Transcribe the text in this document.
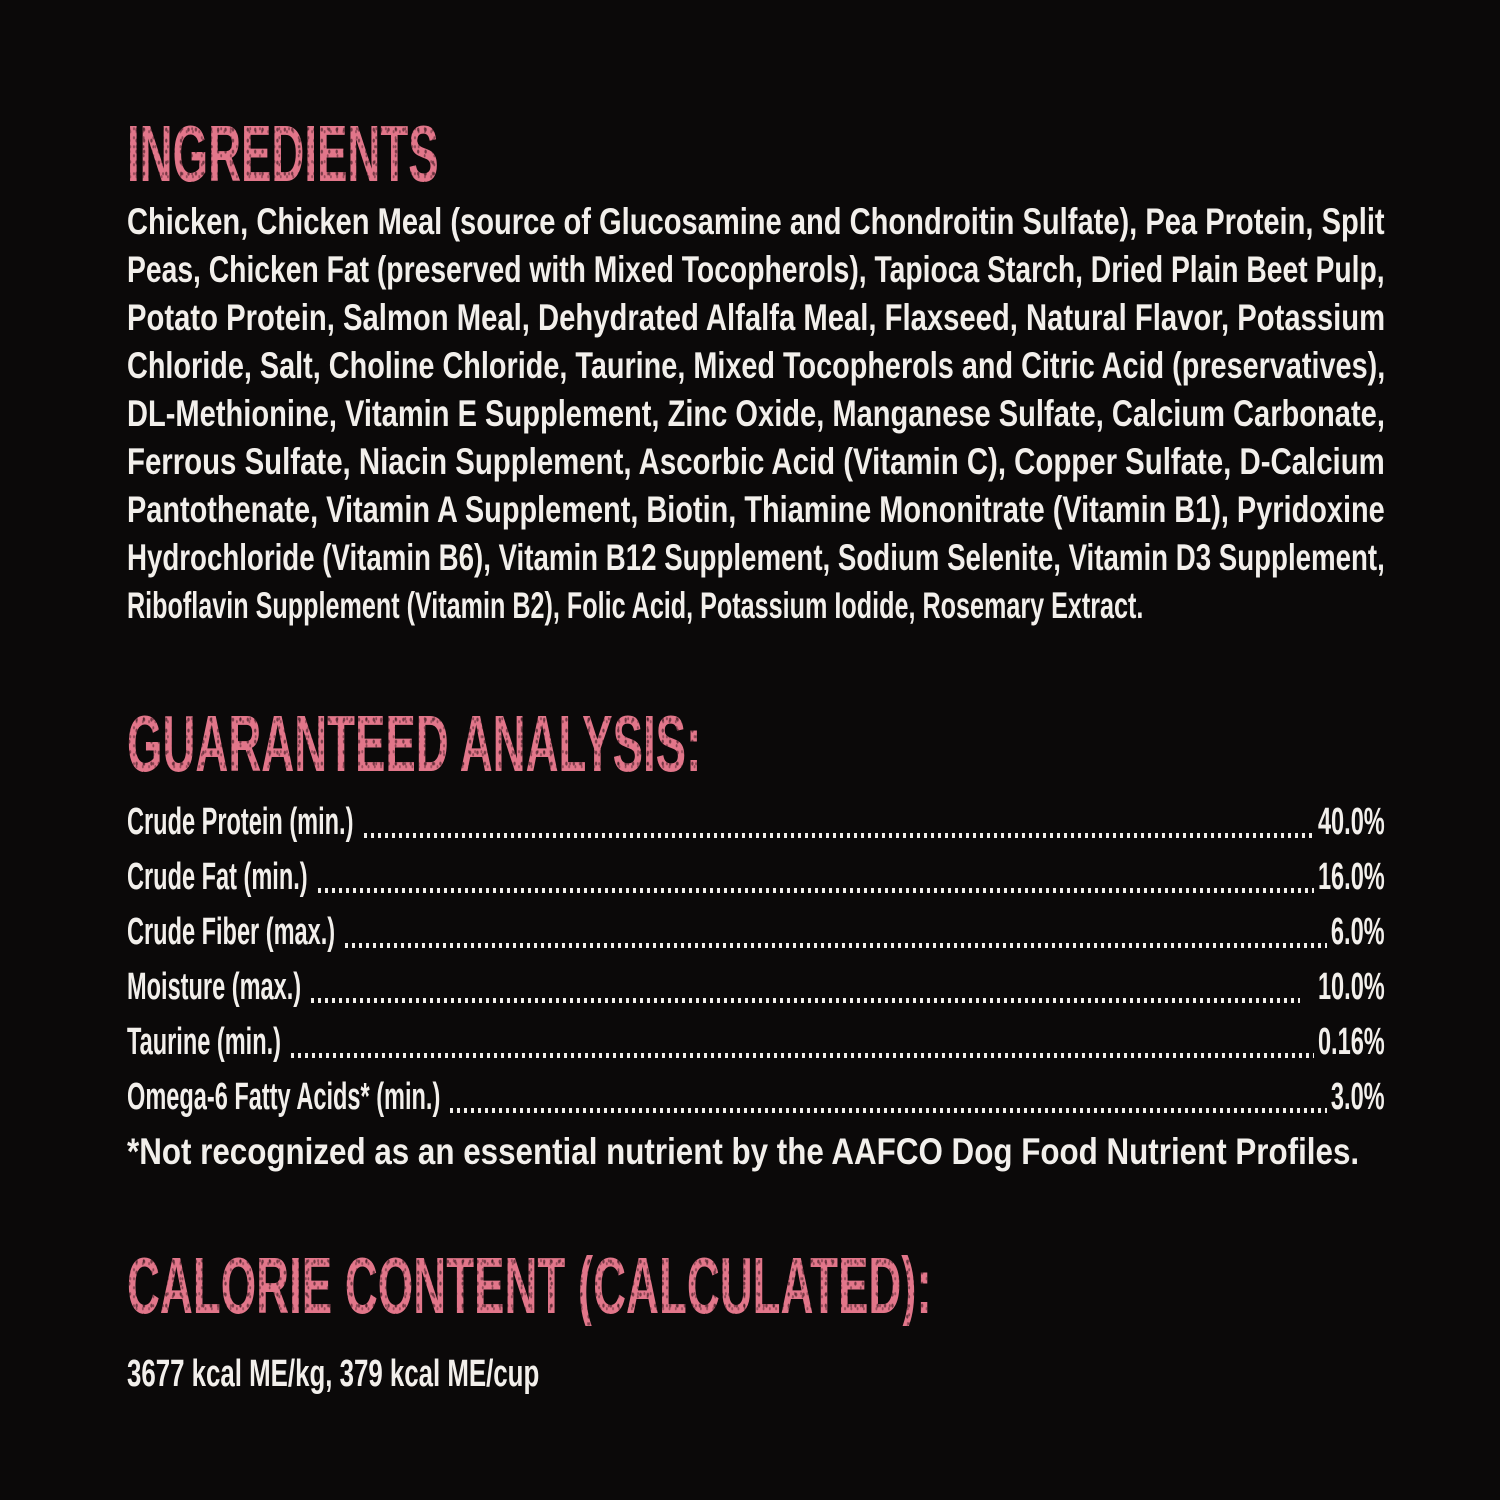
INGREDIENTS
Chicken, Chicken Meal (source of Glucosamine and Chondroitin Sulfate), Pea Protein, Split
Peas, Chicken Fat (preserved with Mixed Tocopherols), Tapioca Starch, Dried Plain Beet Pulp,
Potato Protein, Salmon Meal, Dehydrated Alfalfa Meal, Flaxseed, Natural Flavor, Potassium
Chloride, Salt, Choline Chloride, Taurine, Mixed Tocopherols and Citric Acid (preservatives),
DL-Methionine, Vitamin E Supplement, Zinc Oxide, Manganese Sulfate, Calcium Carbonate,
Ferrous Sulfate, Niacin Supplement, Ascorbic Acid (Vitamin C), Copper Sulfate, D-Calcium
Pantothenate, Vitamin A Supplement, Biotin, Thiamine Mononitrate (Vitamin B1), Pyridoxine
Hydrochloride (Vitamin B6), Vitamin B12 Supplement, Sodium Selenite, Vitamin D3 Supplement,
Riboflavin Supplement (Vitamin B2), Folic Acid, Potassium Iodide, Rosemary Extract.
GUARANTEED ANALYSIS:
Crude Protein (min.)	40.0%
Crude Fat (min.)	16.0%
Crude Fiber (max.)	6.0%
Moisture (max.)	10.0%
Taurine (min.)	0.16%
Omega-6 Fatty Acids* (min.)	3.0%
*Not recognized as an essential nutrient by the AAFCO Dog Food Nutrient Profiles.
CALORIE CONTENT (CALCULATED):
3677 kcal ME/kg, 379 kcal ME/cup
